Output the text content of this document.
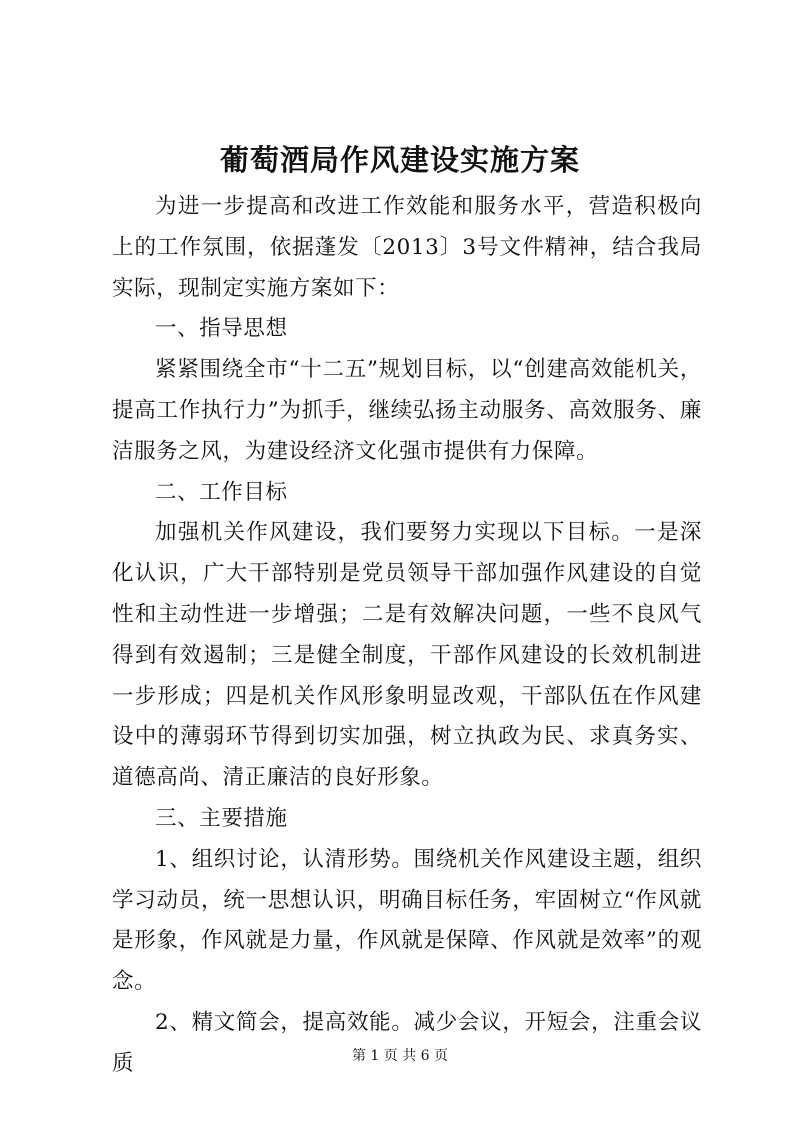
葡萄酒局作风建设实施方案

为进一步提高和改进工作效能和服务水平，营造积极向上的工作氛围，依据蓬发〔2013〕3号文件精神，结合我局实际，现制定实施方案如下：

一、指导思想

紧紧围绕全市“十二五”规划目标，以“创建高效能机关，提高工作执行力”为抓手，继续弘扬主动服务、高效服务、廉洁服务之风，为建设经济文化强市提供有力保障。

二、工作目标

加强机关作风建设，我们要努力实现以下目标。一是深化认识，广大干部特别是党员领导干部加强作风建设的自觉性和主动性进一步增强；二是有效解决问题，一些不良风气得到有效遏制；三是健全制度，干部作风建设的长效机制进一步形成；四是机关作风形象明显改观，干部队伍在作风建设中的薄弱环节得到切实加强，树立执政为民、求真务实、道德高尚、清正廉洁的良好形象。

三、主要措施

1、组织讨论，认清形势。围绕机关作风建设主题，组织学习动员，统一思想认识，明确目标任务，牢固树立“作风就是形象，作风就是力量，作风就是保障、作风就是效率”的观念。

2、精文简会，提高效能。减少会议，开短会，注重会议质	第 1 页 共 6 页
